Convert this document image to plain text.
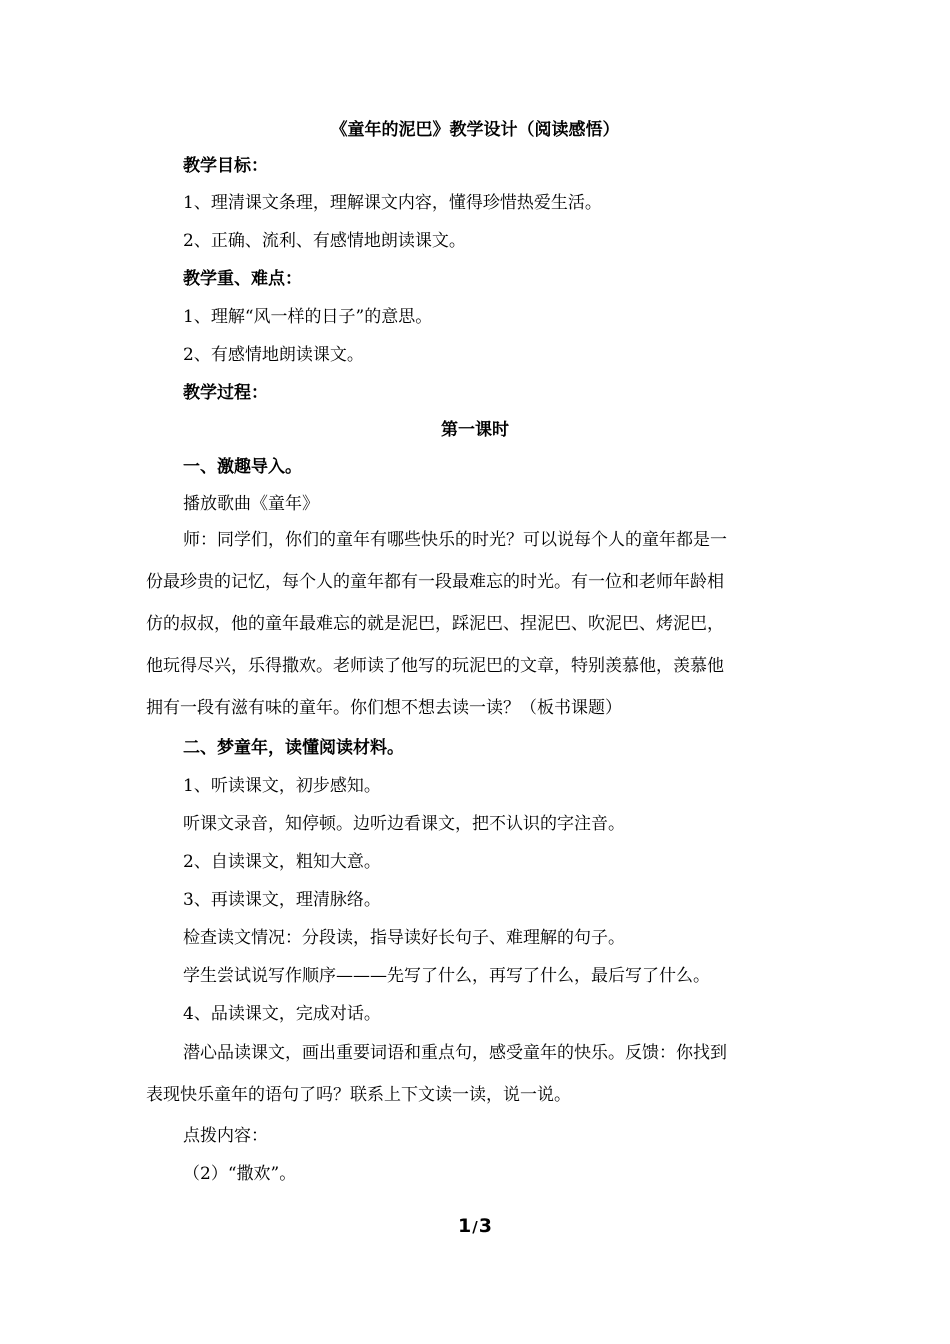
《童年的泥巴》教学设计（阅读感悟）
教学目标：
1、理清课文条理，理解课文内容，懂得珍惜热爱生活。
2、正确、流利、有感情地朗读课文。
教学重、难点：
1、理解“风一样的日子”的意思。
2、有感情地朗读课文。
教学过程：
第一课时
一、激趣导入。
播放歌曲《童年》
师：同学们，你们的童年有哪些快乐的时光？可以说每个人的童年都是一
份最珍贵的记忆，每个人的童年都有一段最难忘的时光。有一位和老师年龄相
仿的叔叔，他的童年最难忘的就是泥巴，踩泥巴、捏泥巴、吹泥巴、烤泥巴，
他玩得尽兴，乐得撒欢。老师读了他写的玩泥巴的文章，特别羡慕他，羡慕他
拥有一段有滋有味的童年。你们想不想去读一读？（板书课题）
二、梦童年，读懂阅读材料。
1、听读课文，初步感知。
听课文录音，知停顿。边听边看课文，把不认识的字注音。
2、自读课文，粗知大意。
3、再读课文，理清脉络。
检查读文情况：分段读，指导读好长句子、难理解的句子。
学生尝试说写作顺序———先写了什么，再写了什么，最后写了什么。
4、品读课文，完成对话。
潜心品读课文，画出重要词语和重点句，感受童年的快乐。反馈：你找到
表现快乐童年的语句了吗？联系上下文读一读，说一说。
点拨内容：
（2）“撒欢”。
1/3
